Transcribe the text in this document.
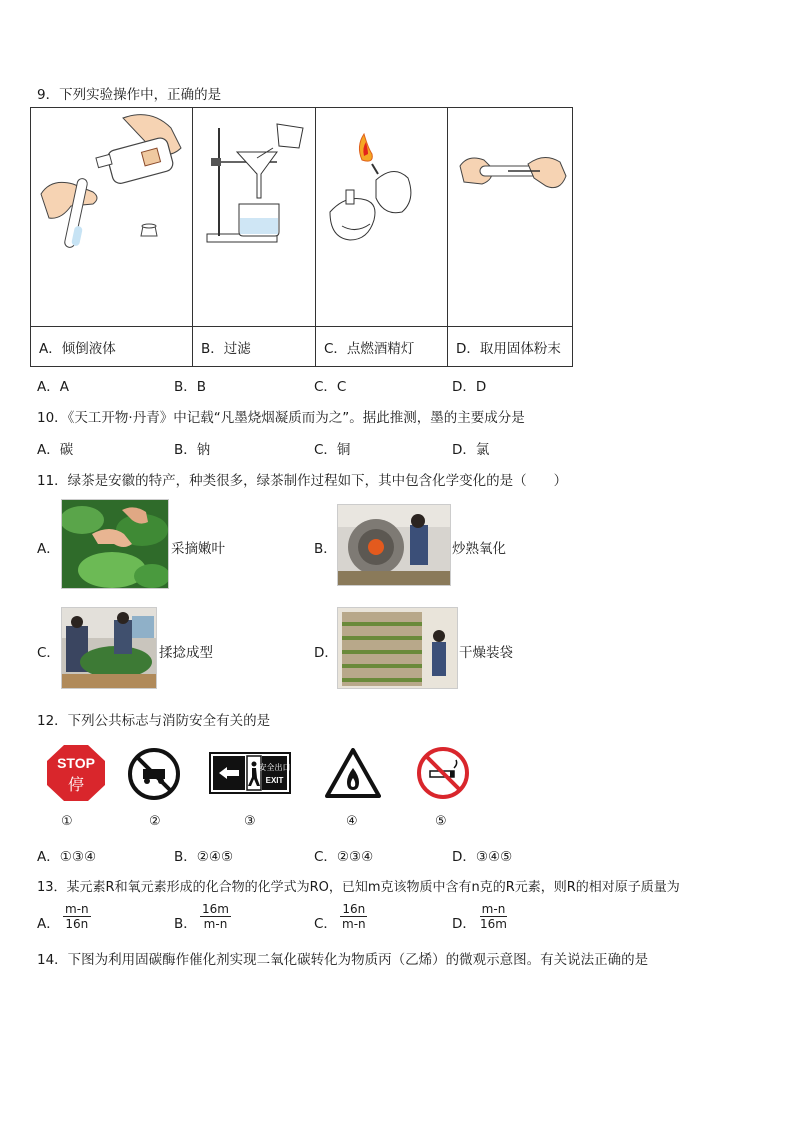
9．下列实验操作中，正确的是
A．倾倒液体	B．过滤	C．点燃酒精灯	D．取用固体粉末
A．A	B．B	C．C	D．D
10．《天工开物·丹青》中记载“凡墨烧烟凝质而为之”。据此推测，墨的主要成分是
A．碳	B．钠	C．铜	D．氯
11．绿茶是安徽的特产，种类很多，绿茶制作过程如下，其中包含化学变化的是（　　）
A．	采摘嫩叶	B．	炒熟氧化
C．	揉捻成型	D．	干燥装袋
12．下列公共标志与消防安全有关的是
STOP
停
安全出口
EXIT
①	②	③	④	⑤
A．①③④	B．②④⑤	C．②③④	D．③④⑤
13．某元素R和氧元素形成的化合物的化学式为RO，已知m克该物质中含有n克的R元素，则R的相对原子质量为
A． $\frac{m-n}{16n}$	B． $\frac{16m}{m-n}$	C． $\frac{16n}{m-n}$	D． $\frac{m-n}{16m}$
14．下图为利用固碳酶作催化剂实现二氧化碳转化为物质丙（乙烯）的微观示意图。有关说法正确的是
